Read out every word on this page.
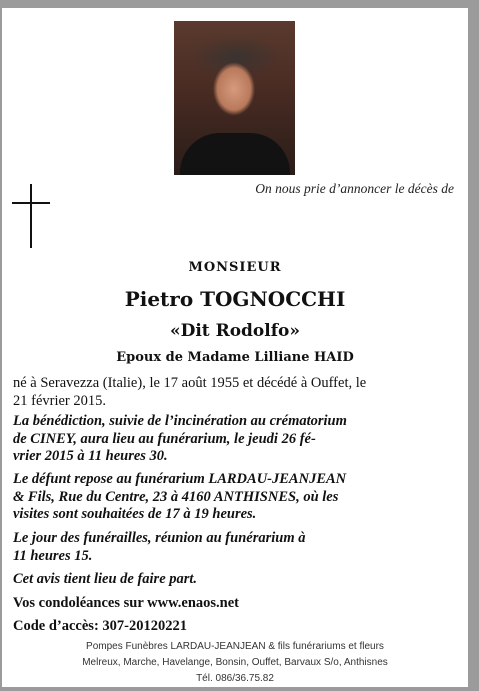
On nous prie d’annoncer le décès de
MONSIEUR
Pietro TOGNOCCHI
«Dit Rodolfo»
Epoux de Madame Lilliane HAID
né à Seravezza (Italie), le 17 août 1955 et décédé à Ouffet, le
21 février 2015.
La bénédiction, suivie de l’incinération au crématorium
de CINEY, aura lieu au funérarium, le jeudi 26 fé-
vrier 2015 à 11 heures 30.
Le défunt repose au funérarium LARDAU-JEANJEAN
& Fils, Rue du Centre, 23 à 4160 ANTHISNES, où les
visites sont souhaitées de 17 à 19 heures.
Le jour des funérailles, réunion au funérarium à
11 heures 15.
Cet avis tient lieu de faire part.
Vos condoléances sur www.enaos.net
Code d’accès: 307-20120221
Pompes Funèbres LARDAU-JEANJEAN & fils funérariums et fleurs
Melreux, Marche, Havelange, Bonsin, Ouffet, Barvaux S/o, Anthisnes
Tél. 086/36.75.82
